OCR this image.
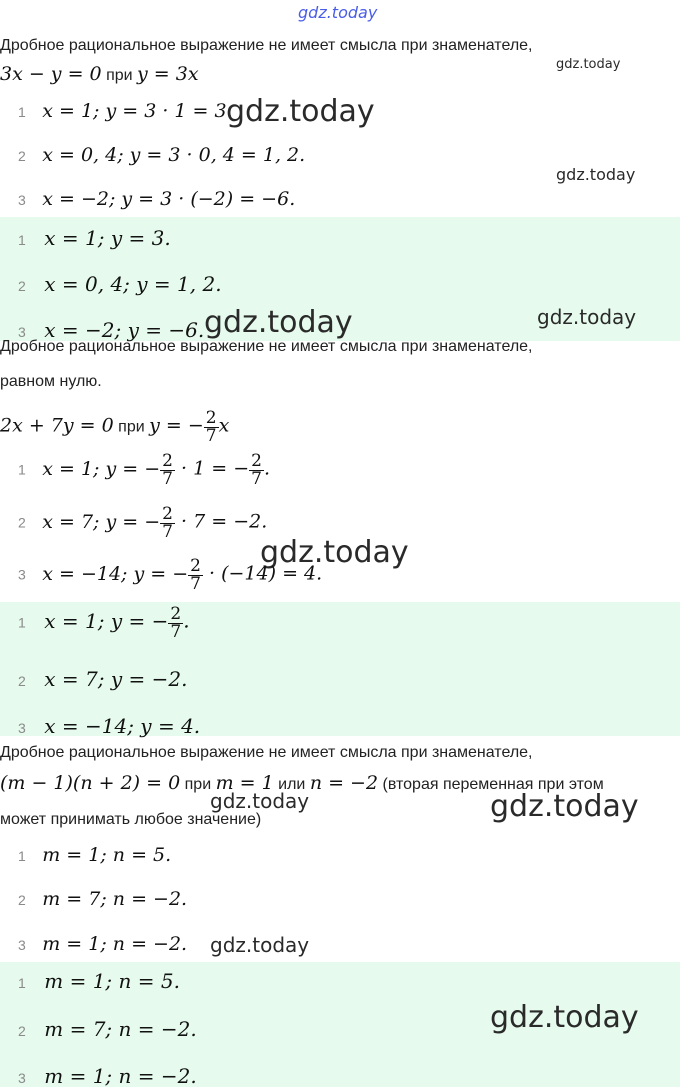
gdz.today
Дробное рациональное выражение не имеет смысла при знаменателе,
3x − y = 0 при y = 3x	gdz.today
1 x = 1; y = 3 · 1 = 3.
gdz.today
2 x = 0, 4; y = 3 · 0, 4 = 1, 2.
gdz.today
3 x = −2; y = 3 · (−2) = −6.
1 x = 1; y = 3.
2 x = 0, 4; y = 1, 2.
3 x = −2; y = −6. gdz.today	gdz.today
Дробное рациональное выражение не имеет смысла при знаменателе,
равном нулю.
2x + 7y = 0 при y = − $\frac{2}{7}$ x
1 x = 1; y = − $\frac{2}{7} \cdot 1$ = − $\frac{2}{7}$ .
2 x = 7; y = − $\frac{2}{7} \cdot 7 = -2$.
gdz.today
3 x = −14; y = − $\frac{2}{7} \cdot (-14) = 4$.
1 x = 1; y = − $\frac{2}{7}$ .
2 x = 7; y = −2.
3 x = −14; y = 4.
Дробное рациональное выражение не имеет смысла при знаменателе,
(m − 1)(n + 2) = 0 при m = 1 или n = −2 (вторая переменная при этом
может принимать любое значение)
gdz.today	gdz.today
1 m = 1; n = 5.
2 m = 7; n = −2.
3 m = 1; n = −2. gdz.today
1 m = 1; n = 5.
2 m = 7; n = −2.	gdz.today
3 m = 1; n = −2.
